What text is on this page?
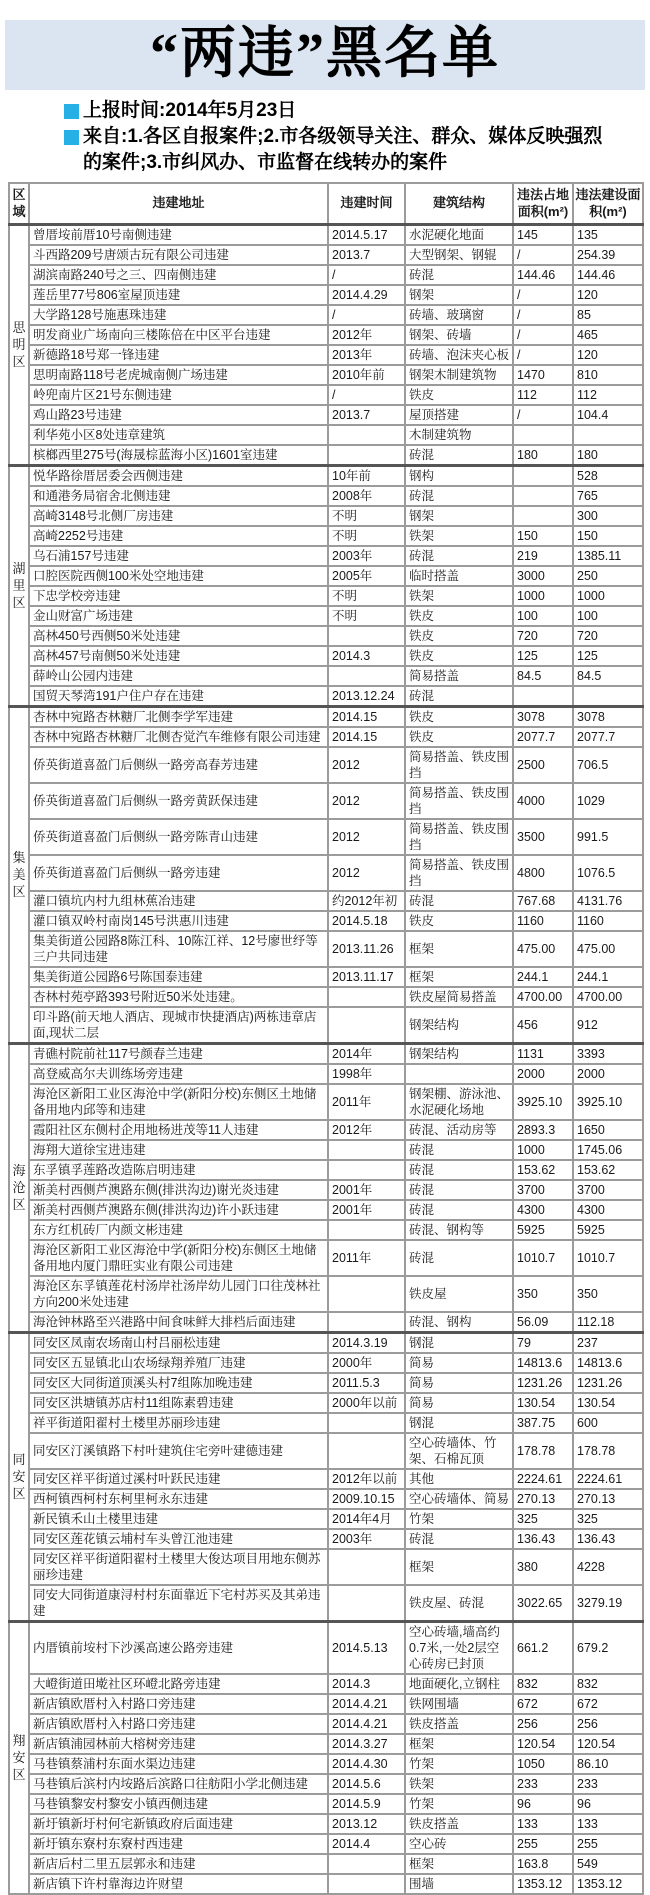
“两违”黑名单
上报时间:2014年5月23日
来自:1.各区自报案件;2.市各级领导关注、群众、媒体反映强烈的案件;3.市纠风办、市监督在线转办的案件
区域	违建地址	违建时间	建筑结构	违法占地面积(m²)	违法建设面积(m²)
思明区	曾厝垵前厝10号南侧违建	2014.5.17	水泥硬化地面	145	135
	斗西路209号唐颂古玩有限公司违建	2013.7	大型钢架、钢辊	/	254.39
	湖滨南路240号之三、四南侧违建	/	砖混	144.46	144.46
	莲岳里77号806室屋顶违建	2014.4.29	钢架	/	120
	大学路128号施惠珠违建	/	砖墙、玻璃窗	/	85
	明发商业广场南向三楼陈倍在中区平台违建	2012年	钢架、砖墙	/	465
	新德路18号郑一锋违建	2013年	砖墙、泡沫夹心板	/	120
	思明南路118号老虎城南侧广场违建	2010年前	钢架木制建筑物	1470	810
	岭兜南片区21号东侧违建	/	铁皮	112	112
	鸡山路23号违建	2013.7	屋顶搭建	/	104.4
	利华苑小区8处违章建筑		木制建筑物		
	槟榔西里275号(海晟棕蓝海小区)1601室违建		砖混	180	180
湖里区	悦华路徐厝居委会西侧违建	10年前	钢构		528
	和通港务局宿舍北侧违建	2008年	砖混		765
	高崎3148号北侧厂房违建	不明	钢架		300
	高崎2252号违建	不明	铁架	150	150
	乌石浦157号违建	2003年	砖混	219	1385.11
	口腔医院西侧100米处空地违建	2005年	临时搭盖	3000	250
	下忠学校旁违建	不明	铁架	1000	1000
	金山财富广场违建	不明	铁皮	100	100
	高林450号西侧50米处违建		铁皮	720	720
	高林457号南侧50米处违建	2014.3	铁皮	125	125
	薛岭山公园内违建		简易搭盖	84.5	84.5
	国贸天琴湾191户住户存在违建	2013.12.24	砖混		
集美区	杏林中宛路杏林糖厂北侧李学军违建	2014.15	铁皮	3078	3078
	杏林中宛路杏林糖厂北侧杏觉汽车维修有限公司违建	2014.15	铁皮	2077.7	2077.7
	侨英街道喜盈门后侧纵一路旁高春芳违建	2012	简易搭盖、铁皮围挡	2500	706.5
	侨英街道喜盈门后侧纵一路旁黄跃保违建	2012	简易搭盖、铁皮围挡	4000	1029
	侨英街道喜盈门后侧纵一路旁陈青山违建	2012	简易搭盖、铁皮围挡	3500	991.5
	侨英街道喜盈门后侧纵一路旁违建	2012	简易搭盖、铁皮围挡	4800	1076.5
	灌口镇坑内村九组林蕉冶违建	约2012年初	砖混	767.68	4131.76
	灌口镇双岭村南岗145号洪惠川违建	2014.5.18	铁皮	1160	1160
	集美街道公园路8陈江科、10陈江祥、12号廖世纾等三户共同违建	2013.11.26	框架	475.00	475.00
	集美街道公园路6号陈国泰违建	2013.11.17	框架	244.1	244.1
	杏林村苑亭路393号附近50米处违建。		铁皮屋简易搭盖	4700.00	4700.00
	印斗路(前天地人酒店、现城市快捷酒店)两栋违章店面,现状二层		钢架结构	456	912
海沧区	青礁村院前社117号颜春兰违建	2014年	钢架结构	1131	3393
	高登威高尔夫训练场旁违建	1998年		2000	2000
	海沧区新阳工业区海沧中学(新阳分校)东侧区土地储备用地内邱等和违建	2011年	钢架棚、游泳池、水泥硬化场地	3925.10	3925.10
	霞阳社区东侧村企用地杨进茂等11人违建	2012年	砖混、活动房等	2893.3	1650
	海翔大道徐宝进违建		砖混	1000	1745.06
	东孚镇孚莲路改造陈启明违建		砖混	153.62	153.62
	渐美村西侧芦澳路东侧(排洪沟边)谢光炎违建	2001年	砖混	3700	3700
	渐美村西侧芦澳路东侧(排洪沟边)许小跃违建	2001年	砖混	4300	4300
	东方红机砖厂内颜文彬违建		砖混、钢构等	5925	5925
	海沧区新阳工业区海沧中学(新阳分校)东侧区土地储备用地内厦门鼎旺实业有限公司违建	2011年	砖混	1010.7	1010.7
	海沧区东孚镇莲花村汤岸社汤岸幼儿园门口往茂林社方向200米处违建		铁皮屋	350	350
	海沧钟林路至兴港路中间食味鲜大排档后面违建		砖混、钢构	56.09	112.18
同安区	同安区凤南农场南山村吕丽松违建	2014.3.19	钢混	79	237
	同安区五显镇北山农场绿翔养殖厂违建	2000年	简易	14813.6	14813.6
	同安区大同街道顶溪头村7组陈加晚违建	2011.5.3	简易	1231.26	1231.26
	同安区洪塘镇苏店村11组陈素碧违建	2000年以前	简易	130.54	130.54
	祥平街道阳翟村土楼里苏丽珍违建		钢混	387.75	600
	同安区汀溪镇路下村叶建筑住宅旁叶建德违建		空心砖墙体、竹架、石棉瓦顶	178.78	178.78
	同安区祥平街道过溪村叶跃民违建	2012年以前	其他	2224.61	2224.61
	西柯镇西柯村东柯里柯永东违建	2009.10.15	空心砖墙体、简易	270.13	270.13
	新民镇禾山土楼里违建	2014年4月	竹架	325	325
	同安区莲花镇云埔村车头曾江池违建	2003年	砖混	136.43	136.43
	同安区祥平街道阳翟村土楼里大俊达项目用地东侧苏丽珍违建		框架	380	4228
	同安大同街道康浔村村东面靠近下宅村苏买及其弟违建		铁皮屋、砖混	3022.65	3279.19
翔安区	内厝镇前垵村下沙溪高速公路旁违建	2014.5.13	空心砖墙,墙高约0.7米,一处2层空心砖房已封顶	661.2	679.2
	大嶝街道田墘社区环嶝北路旁违建	2014.3	地面硬化,立钢柱	832	832
	新店镇欧厝村入村路口旁违建	2014.4.21	铁网围墙	672	672
	新店镇欧厝村入村路口旁违建	2014.4.21	铁皮搭盖	256	256
	新店镇浦园林前大榕树旁违建	2014.3.27	框架	120.54	120.54
	马巷镇蔡浦村东面水渠边违建	2014.4.30	竹架	1050	86.10
	马巷镇后滨村内垵路后滨路口往舫阳小学北侧违建	2014.5.6	铁架	233	233
	马巷镇黎安村黎安小镇西侧违建	2014.5.9	竹架	96	96
	新圩镇新圩村何宅新镇政府后面违建	2013.12	铁皮搭盖	133	133
	新圩镇东寮村东寮村西违建	2014.4	空心砖	255	255
	新店后村二里五层郭永和违建		框架	163.8	549
	新店镇下许村靠海边许财望		围墙	1353.12	1353.12
